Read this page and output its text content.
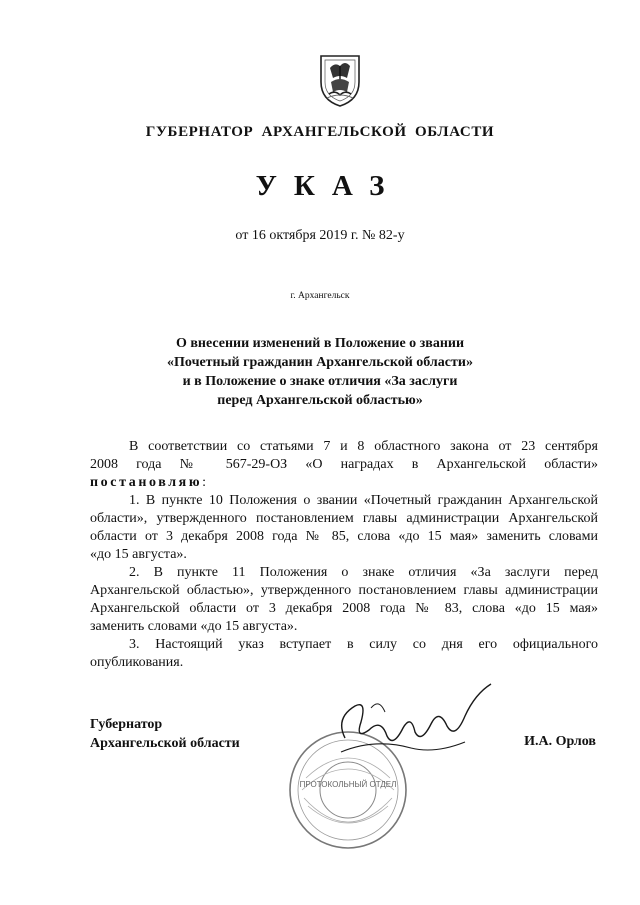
ГУБЕРНАТОР АРХАНГЕЛЬСКОЙ ОБЛАСТИ
УКАЗ
от 16 октября 2019 г. № 82-у
г. Архангельск
О внесении изменений в Положение о звании
«Почетный гражданин Архангельской области»
и в Положение о знаке отличия «За заслуги
перед Архангельской областью»
В соответствии со статьями 7 и 8 областного закона от 23 сентября
2008 года № 567-29-ОЗ «О наградах в Архангельской области»
постановляю:
1. В пункте 10 Положения о звании «Почетный гражданин Архангельской
области», утвержденного постановлением главы администрации Архангельской
области от 3 декабря 2008 года № 85, слова «до 15 мая» заменить словами
«до 15 августа».
2. В пункте 11 Положения о знаке отличия «За заслуги перед
Архангельской областью», утвержденного постановлением главы администрации
Архангельской области от 3 декабря 2008 года № 83, слова «до 15 мая»
заменить словами «до 15 августа».
3. Настоящий указ вступает в силу со дня его официального
опубликования.
Губернатор
Архангельской области	И.А. Орлов
ПРОТОКОЛЬНЫЙ ОТДЕЛ
